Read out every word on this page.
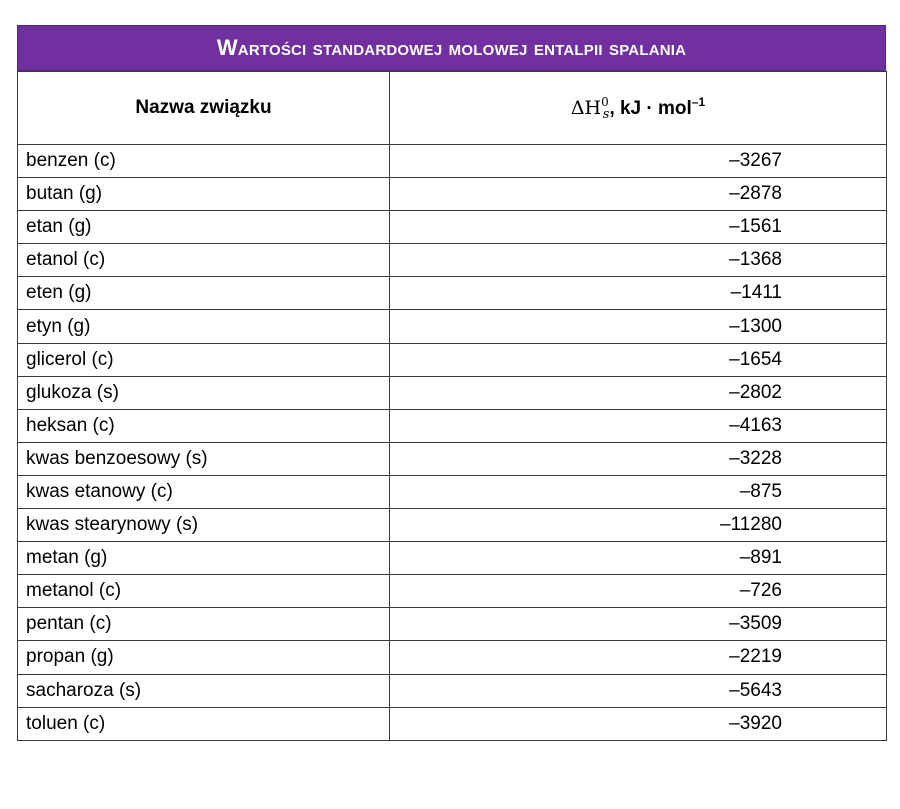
Wartości standardowej molowej entalpii spalania
Nazwa związku	$\Delta H^0_s$, kJ · mol$^{-1}$
benzen (c)	–3267
butan (g)	–2878
etan (g)	–1561
etanol (c)	–1368
eten (g)	–1411
etyn (g)	–1300
glicerol (c)	–1654
glukoza (s)	–2802
heksan (c)	–4163
kwas benzoesowy (s)	–3228
kwas etanowy (c)	–875
kwas stearynowy (s)	–11280
metan (g)	–891
metanol (c)	–726
pentan (c)	–3509
propan (g)	–2219
sacharoza (s)	–5643
toluen (c)	–3920
